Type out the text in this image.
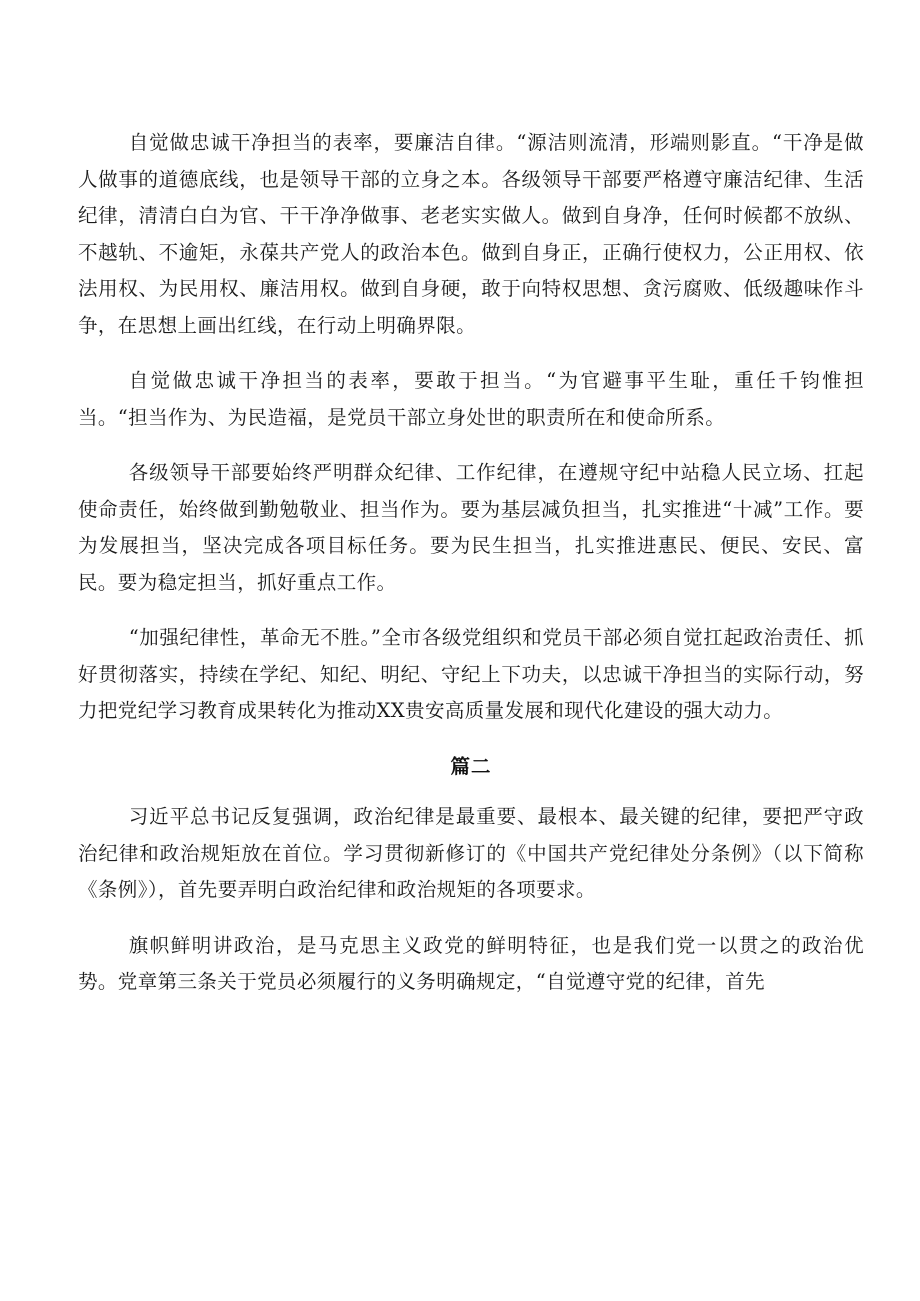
自觉做忠诚干净担当的表率，要廉洁自律。“源洁则流清，形端则影直。“干净是做人做事的道德底线，也是领导干部的立身之本。各级领导干部要严格遵守廉洁纪律、生活纪律，清清白白为官、干干净净做事、老老实实做人。做到自身净，任何时候都不放纵、不越轨、不逾矩，永葆共产党人的政治本色。做到自身正，正确行使权力，公正用权、依法用权、为民用权、廉洁用权。做到自身硬，敢于向特权思想、贪污腐败、低级趣味作斗争，在思想上画出红线，在行动上明确界限。

自觉做忠诚干净担当的表率，要敢于担当。“为官避事平生耻，重任千钧惟担当。“担当作为、为民造福，是党员干部立身处世的职责所在和使命所系。

各级领导干部要始终严明群众纪律、工作纪律，在遵规守纪中站稳人民立场、扛起使命责任，始终做到勤勉敬业、担当作为。要为基层减负担当，扎实推进“十减”工作。要为发展担当，坚决完成各项目标任务。要为民生担当，扎实推进惠民、便民、安民、富民。要为稳定担当，抓好重点工作。

“加强纪律性，革命无不胜。”全市各级党组织和党员干部必须自觉扛起政治责任、抓好贯彻落实，持续在学纪、知纪、明纪、守纪上下功夫，以忠诚干净担当的实际行动，努力把党纪学习教育成果转化为推动XX贵安高质量发展和现代化建设的强大动力。

篇二

习近平总书记反复强调，政治纪律是最重要、最根本、最关键的纪律，要把严守政治纪律和政治规矩放在首位。学习贯彻新修订的《中国共产党纪律处分条例》（以下简称《条例》），首先要弄明白政治纪律和政治规矩的各项要求。

旗帜鲜明讲政治，是马克思主义政党的鲜明特征，也是我们党一以贯之的政治优势。党章第三条关于党员必须履行的义务明确规定，“自觉遵守党的纪律，首先
